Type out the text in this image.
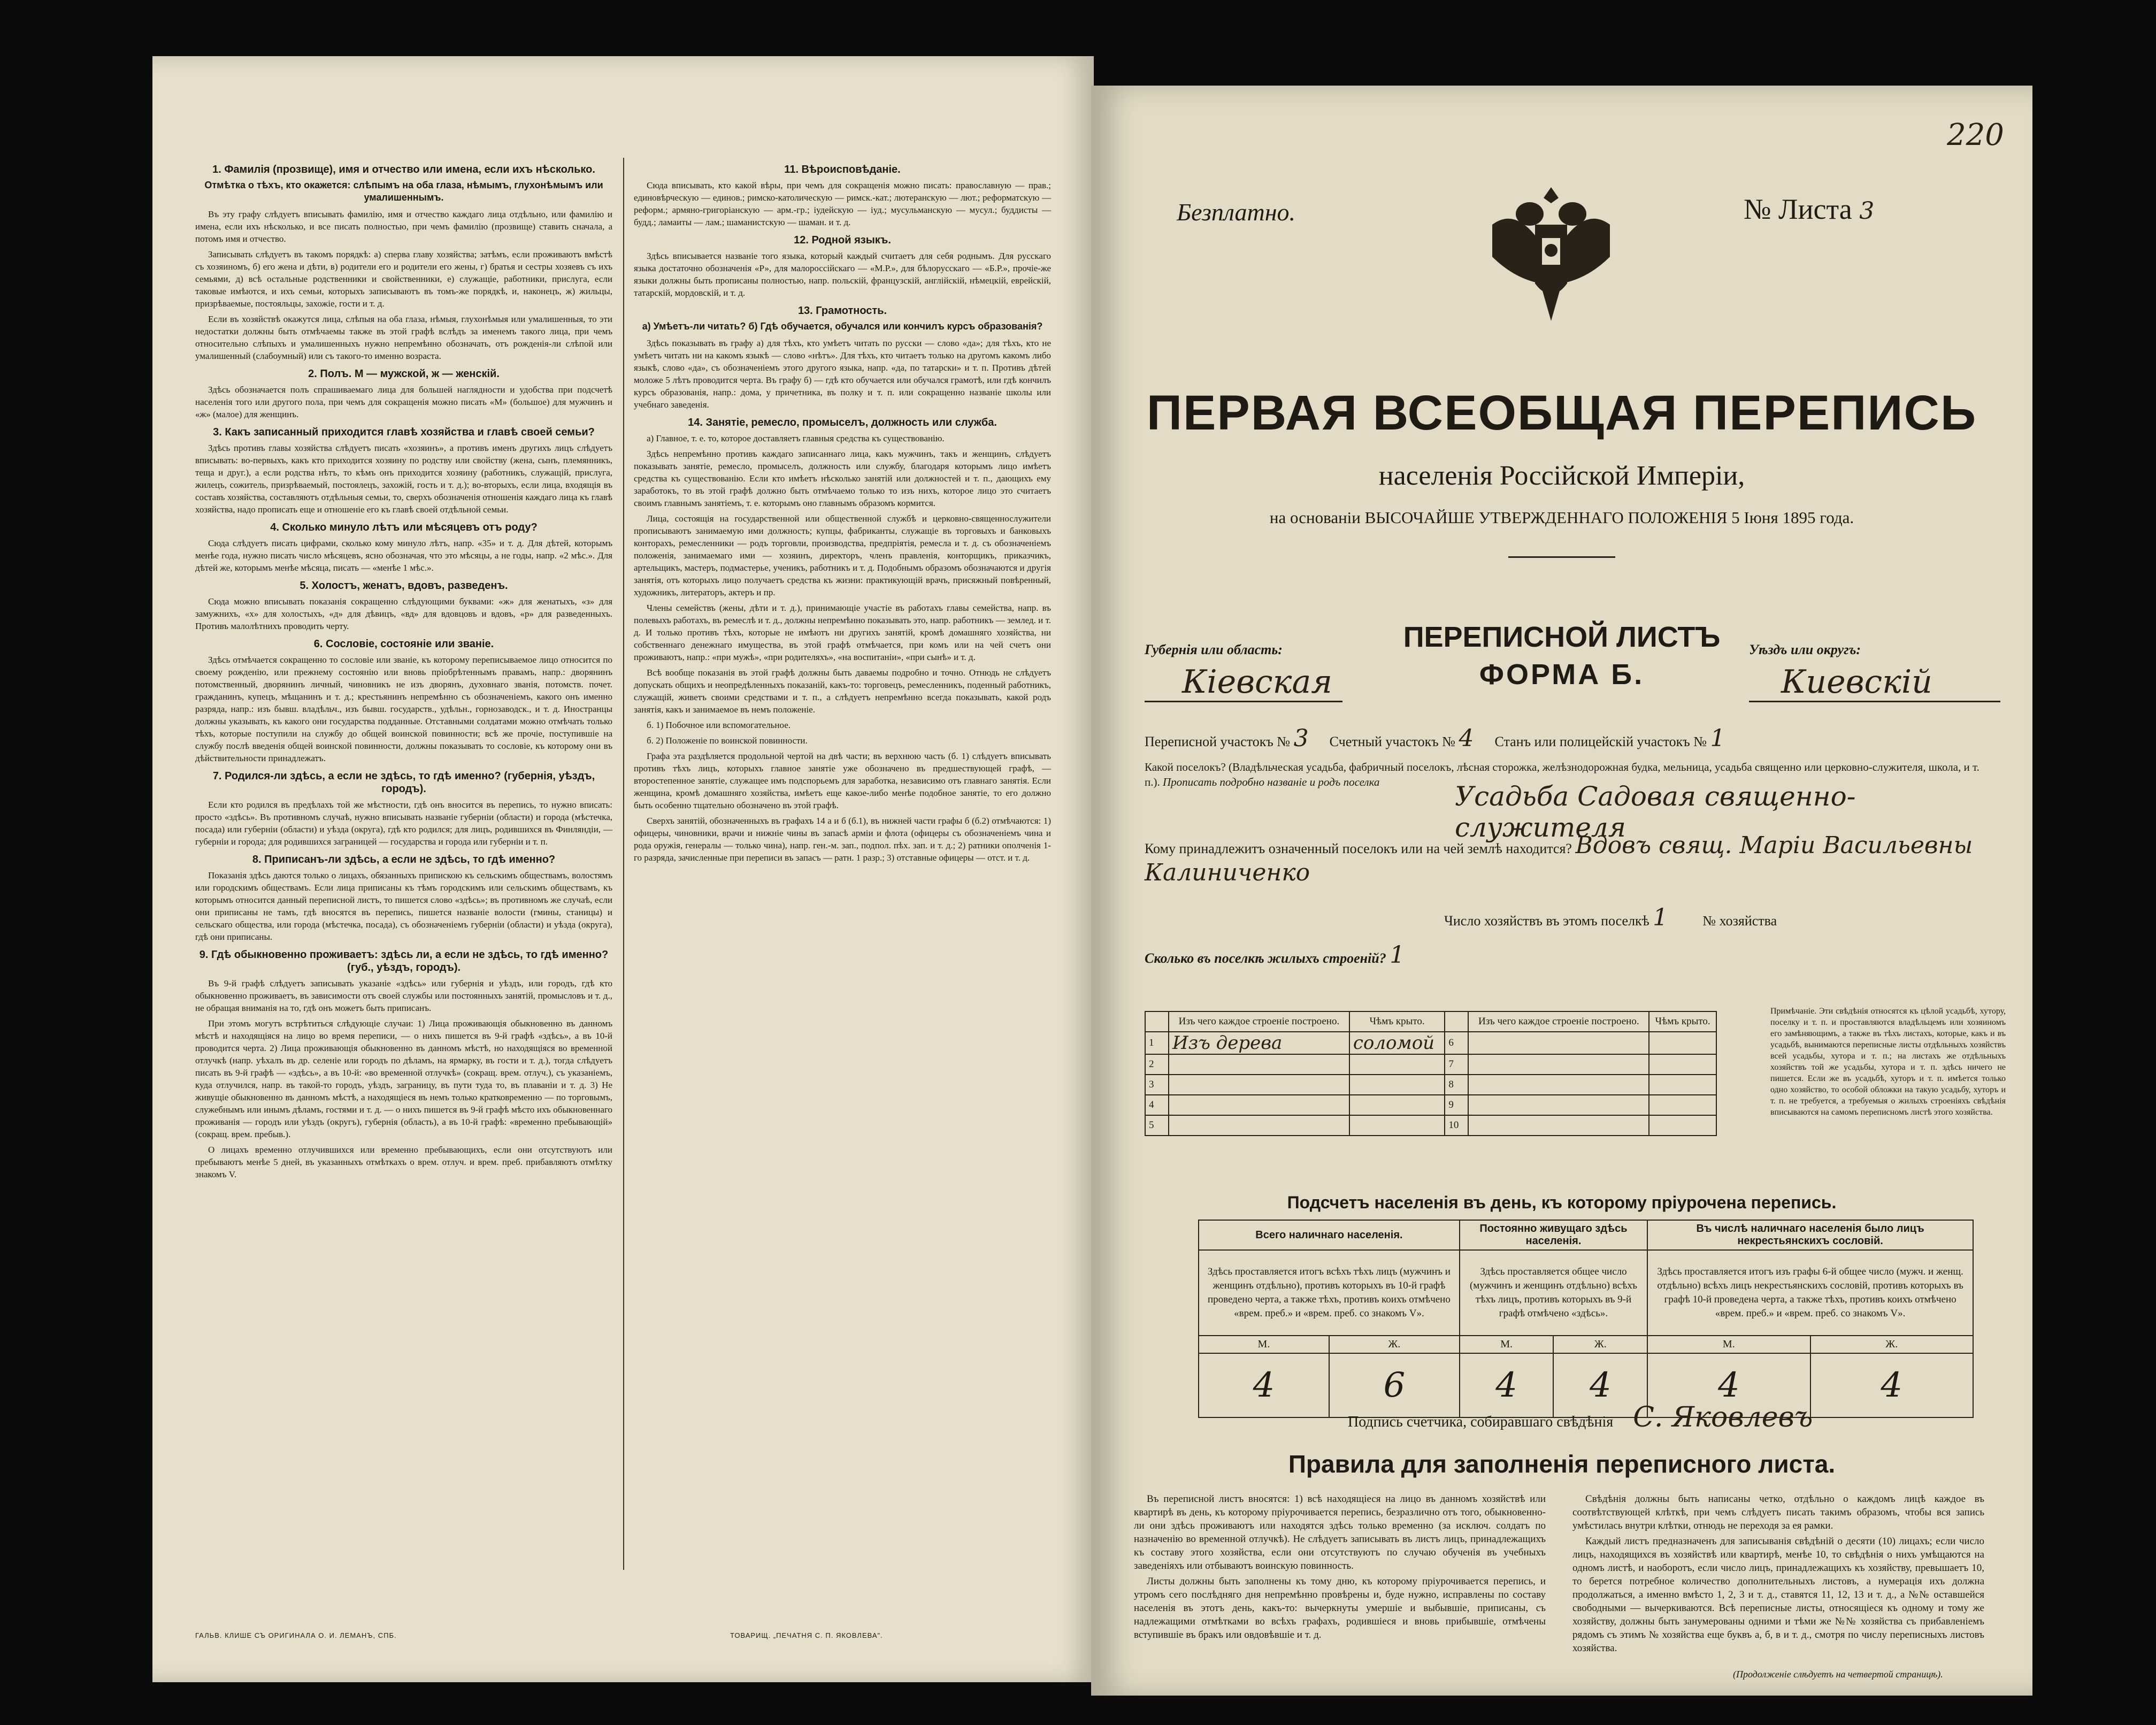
1. Фамилія (прозвище), имя и отчество или имена, если ихъ нѣсколько.
Отмѣтка о тѣхъ, кто окажется: слѣпымъ на оба глаза, нѣмымъ, глухонѣмымъ или умалишеннымъ.

Въ эту графу слѣдуетъ вписывать фамилію, имя и отчество каждаго лица отдѣльно, или фамилію и имена, если ихъ нѣсколько, и все писать полностью, при чемъ фамилію (прозвище) ставить сначала, а потомъ имя и отчество.

Записывать слѣдуетъ въ такомъ порядкѣ: а) сперва главу хозяйства; затѣмъ, если проживаютъ вмѣстѣ съ хозяиномъ, б) его жена и дѣти, в) родители его и родители его жены, г) братья и сестры хозяевъ съ ихъ семьями, д) всѣ остальные родственники и свойственники, е) служащіе, работники, прислуга, если таковые имѣются, и ихъ семьи, которыхъ записываютъ въ томъ-же порядкѣ, и, наконецъ, ж) жильцы, призрѣваемые, постояльцы, захожіе, гости и т. д.

Если въ хозяйствѣ окажутся лица, слѣпыя на оба глаза, нѣмыя, глухонѣмыя или умалишенныя, то эти недостатки должны быть отмѣчаемы также въ этой графѣ вслѣдъ за именемъ такого лица, при чемъ относительно слѣпыхъ и умалишенныхъ нужно непремѣнно обозначать, отъ рожденія-ли слѣпой или умалишенный (слабоумный) или съ такого-то именно возраста.

2. Полъ. М — мужской, ж — женскій.

Здѣсь обозначается полъ спрашиваемаго лица для большей наглядности и удобства при подсчетѣ населенія того или другого пола, при чемъ для сокращенія можно писать «М» (большое) для мужчинъ и «ж» (малое) для женщинъ.

3. Какъ записанный приходится главѣ хозяйства и главѣ своей семьи?

Здѣсь противъ главы хозяйства слѣдуетъ писать «хозяинъ», а противъ именъ другихъ лицъ слѣдуетъ вписывать: во-первыхъ, какъ кто приходится хозяину по родству или свойству (жена, сынъ, племянникъ, теща и друг.), а если родства нѣтъ, то кѣмъ онъ приходится хозяину (работникъ, служащій, прислуга, жилецъ, сожитель, призрѣваемый, постоялецъ, захожій, гость и т. д.); во-вторыхъ, если лица, входящія въ составъ хозяйства, составляютъ отдѣльныя семьи, то, сверхъ обозначенія отношенія каждаго лица къ главѣ хозяйства, надо прописать еще и отношеніе его къ главѣ своей отдѣльной семьи.

4. Сколько минуло лѣтъ или мѣсяцевъ отъ роду?

Сюда слѣдуетъ писать цифрами, сколько кому минуло лѣтъ, напр. «35» и т. д. Для дѣтей, которымъ менѣе года, нужно писать число мѣсяцевъ, ясно обозначая, что это мѣсяцы, а не годы, напр. «2 мѣс.». Для дѣтей же, которымъ менѣе мѣсяца, писать — «менѣе 1 мѣс.».

5. Холостъ, женатъ, вдовъ, разведенъ.

Сюда можно вписывать показанія сокращенно слѣдующими буквами: «ж» для женатыхъ, «з» для замужнихъ, «х» для холостыхъ, «д» для дѣвицъ, «вд» для вдовцовъ и вдовъ, «р» для разведенныхъ. Противъ малолѣтнихъ проводить черту.

6. Сословіе, состояніе или званіе.

Здѣсь отмѣчается сокращенно то сословіе или званіе, къ которому переписываемое лицо относится по своему рожденію, или прежнему состоянію или вновь пріобрѣтеннымъ правамъ, напр.: дворянинъ потомственный, дворянинъ личный, чиновникъ не изъ дворянъ, духовнаго званія, потомств. почет. гражданинъ, купецъ, мѣщанинъ и т. д.; крестьянинъ непремѣнно съ обозначеніемъ, какого онъ именно разряда, напр.: изъ бывш. владѣльч., изъ бывш. государств., удѣльн., горнозаводск., и т. д. Иностранцы должны указывать, къ какого они государства подданные. Отставными солдатами можно отмѣчать только тѣхъ, которые поступили на службу до общей воинской повинности; всѣ же прочіе, поступившіе на службу послѣ введенія общей воинской повинности, должны показывать то сословіе, къ которому они въ дѣйствительности принадлежатъ.

7. Родился-ли здѣсь, а если не здѣсь, то гдѣ именно? (губернія, уѣздъ, городъ).

Если кто родился въ предѣлахъ той же мѣстности, гдѣ онъ вносится въ перепись, то нужно вписать: просто «здѣсь». Въ противномъ случаѣ, нужно вписывать названіе губерніи (области) и города (мѣстечка, посада) или губерніи (области) и уѣзда (округа), гдѣ кто родился; для лицъ, родившихся въ Финляндіи, — губерніи и города; для родившихся заграницей — государства и города или губерніи и т. п.

8. Приписанъ-ли здѣсь, а если не здѣсь, то гдѣ именно?

Показанія здѣсь даются только о лицахъ, обязанныхъ припискою къ сельскимъ обществамъ, волостямъ или городскимъ обществамъ. Если лица приписаны къ тѣмъ городскимъ или сельскимъ обществамъ, къ которымъ относится данный переписной листъ, то пишется слово «здѣсь»; въ противномъ же случаѣ, если они приписаны не тамъ, гдѣ вносятся въ перепись, пишется названіе волости (гмины, станицы) и сельскаго общества, или города (мѣстечка, посада), съ обозначеніемъ губерніи (области) и уѣзда (округа), гдѣ они приписаны.

9. Гдѣ обыкновенно проживаетъ: здѣсь ли, а если не здѣсь, то гдѣ именно? (губ., уѣздъ, городъ).

Въ 9-й графѣ слѣдуетъ записывать указаніе «здѣсь» или губернія и уѣздъ, или городъ, гдѣ кто обыкновенно проживаетъ, въ зависимости отъ своей службы или постоянныхъ занятій, промысловъ и т. д., не обращая вниманія на то, гдѣ онъ можетъ быть приписанъ.

При этомъ могутъ встрѣтиться слѣдующіе случаи: 1) Лица проживающія обыкновенно въ данномъ мѣстѣ и находящіяся на лицо во время переписи, — о нихъ пишется въ 9-й графѣ «здѣсь», а въ 10-й проводится черта. 2) Лица проживающія обыкновенно въ данномъ мѣстѣ, но находящіяся во временной отлучкѣ (напр. уѣхалъ въ др. селеніе или городъ по дѣламъ, на ярмарку, въ гости и т. д.), тогда слѣдуетъ писать въ 9-й графѣ — «здѣсь», а въ 10-й: «во временной отлучкѣ» (сокращ. врем. отлуч.), съ указаніемъ, куда отлучился, напр. въ такой-то городъ, уѣздъ, заграницу, въ пути туда то, въ плаваніи и т. д. 3) Не живущіе обыкновенно въ данномъ мѣстѣ, а находящіеся въ немъ только кратковременно — по торговымъ, служебнымъ или инымъ дѣламъ, гостями и т. д. — о нихъ пишется въ 9-й графѣ мѣсто ихъ обыкновеннаго проживанія — городъ или уѣздъ (округъ), губернія (область), а въ 10-й графѣ: «временно пребывающій» (сокращ. врем. пребыв.).

О лицахъ временно отлучившихся или временно пребывающихъ, если они отсутствуютъ или пребываютъ менѣе 5 дней, въ указанныхъ отмѣткахъ о врем. отлуч. и врем. преб. прибавляютъ отмѣтку знакомъ V.

11. Вѣроисповѣданіе.

Сюда вписывать, кто какой вѣры, при чемъ для сокращенія можно писать: православную — прав.; единовѣрческую — единов.; римско-католическую — римск.-кат.; лютеранскую — лют.; реформатскую — реформ.; армяно-григоріанскую — арм.-гр.; іудейскую — іуд.; мусульманскую — мусул.; буддисты — будд.; ламаиты — лам.; шаманистскую — шаман. и т. д.

12. Родной языкъ.

Здѣсь вписывается названіе того языка, который каждый считаетъ для себя роднымъ. Для русскаго языка достаточно обозначенія «Р», для малороссійскаго — «М.Р.», для бѣлорусскаго — «Б.Р.», прочіе-же языки должны быть прописаны полностью, напр. польскій, французскій, англійскій, нѣмецкій, еврейскій, татарскій, мордовскій, и т. д.

13. Грамотность.
а) Умѣетъ-ли читать? б) Гдѣ обучается, обучался или кончилъ курсъ образованія?

Здѣсь показывать въ графу а) для тѣхъ, кто умѣетъ читать по русски — слово «да»; для тѣхъ, кто не умѣетъ читать ни на какомъ языкѣ — слово «нѣтъ». Для тѣхъ, кто читаетъ только на другомъ какомъ либо языкѣ, слово «да», съ обозначеніемъ этого другого языка, напр. «да, по татарски» и т. п. Противъ дѣтей моложе 5 лѣтъ проводится черта. Въ графу б) — гдѣ кто обучается или обучался грамотѣ, или гдѣ кончилъ курсъ образованія, напр.: дома, у причетника, въ полку и т. п. или сокращенно названіе школы или учебнаго заведенія.

14. Занятіе, ремесло, промыселъ, должность или служба.

а) Главное, т. е. то, которое доставляетъ главныя средства къ существованію.

Здѣсь непремѣнно противъ каждаго записаннаго лица, какъ мужчинъ, такъ и женщинъ, слѣдуетъ показывать занятіе, ремесло, промыселъ, должность или службу, благодаря которымъ лицо имѣетъ средства къ существованію. Если кто имѣетъ нѣсколько занятій или должностей и т. п., дающихъ ему заработокъ, то въ этой графѣ должно быть отмѣчаемо только то изъ нихъ, которое лицо это считаетъ своимъ главнымъ занятіемъ, т. е. которымъ оно главнымъ образомъ кормится.

Лица, состоящія на государственной или общественной службѣ и церковно-священнослужители прописываютъ занимаемую ими должность; купцы, фабриканты, служащіе въ торговыхъ и банковыхъ конторахъ, ремесленники — родъ торговли, производства, предпріятія, ремесла и т. д. съ обозначеніемъ положенія, занимаемаго ими — хозяинъ, директоръ, членъ правленія, конторщикъ, приказчикъ, артельщикъ, мастеръ, подмастерье, ученикъ, работникъ и т. д. Подобнымъ образомъ обозначаются и другія занятія, отъ которыхъ лицо получаетъ средства къ жизни: практикующій врачъ, присяжный повѣренный, художникъ, литераторъ, актеръ и пр.

Члены семействъ (жены, дѣти и т. д.), принимающіе участіе въ работахъ главы семейства, напр. въ полевыхъ работахъ, въ ремеслѣ и т. д., должны непремѣнно показывать это, напр. работникъ — землед. и т. д. И только противъ тѣхъ, которые не имѣютъ ни другихъ занятій, кромѣ домашняго хозяйства, ни собственнаго денежнаго имущества, въ этой графѣ отмѣчается, при комъ или на чей счетъ они проживаютъ, напр.: «при мужѣ», «при родителяхъ», «на воспитаніи», «при сынѣ» и т. д.

Всѣ вообще показанія въ этой графѣ должны быть даваемы подробно и точно. Отнюдь не слѣдуетъ допускать общихъ и неопредѣленныхъ показаній, какъ-то: торговецъ, ремесленникъ, поденный работникъ, служащій, живетъ своими средствами и т. п., а слѣдуетъ непремѣнно всегда показывать, какой родъ занятія, какъ и занимаемое въ немъ положеніе.

б. 1) Побочное или вспомогательное.

б. 2) Положеніе по воинской повинности.

Графа эта раздѣляется продольной чертой на двѣ части; въ верхнюю часть (б. 1) слѣдуетъ вписывать противъ тѣхъ лицъ, которыхъ главное занятіе уже обозначено въ предшествующей графѣ, — второстепенное занятіе, служащее имъ подспорьемъ для заработка, независимо отъ главнаго занятія. Если женщина, кромѣ домашняго хозяйства, имѣетъ еще какое-либо менѣе подобное занятіе, то его должно быть особенно тщательно обозначено въ этой графѣ.

Сверхъ занятій, обозначенныхъ въ графахъ 14 а и б (б.1), въ нижней части графы б (б.2) отмѣчаются: 1) офицеры, чиновники, врачи и нижніе чины въ запасѣ армiи и флота (офицеры съ обозначеніемъ чина и рода оружія, генералы — только чина), напр. ген.-м. зап., подпол. пѣх. зап. и т. д.; 2) ратники ополченія 1-го разряда, зачисленные при переписи въ запасъ — ратн. 1 разр.; 3) отставные офицеры — отст. и т. д.

ГАЛЬВ. КЛИШЕ СЪ ОРИГИНАЛА О. И. ЛЕМАНЪ, СПБ.	ТОВАРИЩ. „ПЕЧАТНЯ С. П. ЯКОВЛЕВА".
220
Безплатно.	№ Листа 3
ПЕРВАЯ ВСЕОБЩАЯ ПЕРЕПИСЬ
населенія Россійской Имперіи,
на основаніи ВЫСОЧАЙШЕ УТВЕРЖДЕННАГО ПОЛОЖЕНІЯ 5 Іюня 1895 года.
Губернія или область:
Кіевская
ПЕРЕПИСНОЙ ЛИСТЪ
ФОРМА Б.
Уѣздъ или округъ:
Киевскій
Переписной участокъ № 3 Счетный участокъ № 4 Станъ или полицейскій участокъ № 1
Какой поселокъ? (Владѣльческая усадьба, фабричный поселокъ, лѣсная сторожка, желѣзнодорожная будка, мельница, усадьба священно или церковно-служителя, школа, и т. п.). Прописать подробно названіе и родъ поселка	Усадьба Садовая священно-служителя
Кому принадлежитъ означенный поселокъ или на чей землѣ находится? Вдовъ свящ. Маріи Васильевны Калиниченко
Число хозяйствъ въ этомъ поселкѣ 1	№ хозяйства
Сколько въ поселкѣ жилыхъ строеній? 1
	Изъ чего каждое строеніе построено.	Чѣмъ крыто.		Изъ чего каждое строеніе построено.	Чѣмъ крыто.
1	Изъ дерева	соломой	6		
2			7		
3			8		
4			9		
5			10		
Примѣчаніе. Эти свѣдѣнія относятся къ цѣлой усадьбѣ, хутору, поселку и т. п. и проставляются владѣльцемъ или хозяиномъ его замѣняющимъ, а также въ тѣхъ листахъ, которые, какъ и въ усадьбѣ, вынимаются переписные листы отдѣльныхъ хозяйствъ всей усадьбы, хутора и т. п.; на листахъ же отдѣльныхъ хозяйствъ той же усадьбы, хутора и т. п. здѣсь ничего не пишется. Если же въ усадьбѣ, хуторъ и т. п. имѣется только одно хозяйство, то особой обложки на такую усадьбу, хуторъ и т. п. не требуется, а требуемыя о жилыхъ строеніяхъ свѣдѣнія вписываются на самомъ переписномъ листѣ этого хозяйства.
Подсчетъ населенія въ день, къ которому пріурочена перепись.
Всего наличнаго населенія.		Постоянно живущаго здѣсь населенія.		Въ числѣ наличнаго населенія было лицъ некрестьянскихъ сословій.	
Здѣсь проставляется итогъ всѣхъ тѣхъ лицъ (мужчинъ и женщинъ отдѣльно), противъ которыхъ въ 10-й графѣ проведено черта, а также тѣхъ, противъ коихъ отмѣчено «врем. преб.» и «врем. преб. со знакомъ V».		Здѣсь проставляется общее число (мужчинъ и женщинъ отдѣльно) всѣхъ тѣхъ лицъ, противъ которыхъ въ 9-й графѣ отмѣчено «здѣсь».		Здѣсь проставляется итогъ изъ графы 6-й общее число (мужч. и женщ. отдѣльно) всѣхъ лицъ некрестьянскихъ сословій, противъ которыхъ въ графѣ 10-й проведена черта, а также тѣхъ, противъ коихъ отмѣчено «врем. преб.» и «врем. преб. со знакомъ V».	
М.	Ж.	М.	Ж.	М.	Ж.
4	6	4	4	4	4
Подпись счетчика, собиравшаго свѣдѣнія С. Яковлевъ
Правила для заполненія переписного листа.

Въ переписной листъ вносятся: 1) всѣ находящіеся на лицо въ данномъ хозяйствѣ или квартирѣ въ день, къ которому пріурочивается перепись, безразлично отъ того, обыкновенно-ли они здѣсь проживаютъ или находятся здѣсь только временно (за исключ. солдатъ по назначенію во временной отлучкѣ). Не слѣдуетъ записывать въ листъ лицъ, принадлежащихъ къ составу этого хозяйства, если они отсутствуютъ по случаю обученія въ учебныхъ заведеніяхъ или отбываютъ воинскую повинность.

Листы должны быть заполнены къ тому дню, къ которому пріурочивается перепись, и утромъ сего послѣдняго дня непремѣнно провѣрены и, буде нужно, исправлены по составу населенія въ этотъ день, какъ-то: вычеркнуты умершіе и выбывшіе, приписаны, съ надлежащими отмѣтками во всѣхъ графахъ, родившіеся и вновь прибывшіе, отмѣчены вступившіе въ бракъ или овдовѣвшіе и т. д.

Свѣдѣнія должны быть написаны четко, отдѣльно о каждомъ лицѣ каждое въ соотвѣтствующей клѣткѣ, при чемъ слѣдуетъ писать такимъ образомъ, чтобы вся запись умѣстилась внутри клѣтки, отнюдь не переходя за ея рамки.

Каждый листъ предназначенъ для записыванія свѣдѣній о десяти (10) лицахъ; если число лицъ, находящихся въ хозяйствѣ или квартирѣ, менѣе 10, то свѣдѣнія о нихъ умѣщаются на одномъ листѣ, и наоборотъ, если число лицъ, принадлежащихъ къ хозяйству, превышаетъ 10, то берется потребное количество дополнительныхъ листовъ, а нумерація ихъ должна продолжаться, а именно вмѣсто 1, 2, 3 и т. д., ставятся 11, 12, 13 и т. д., а №№ оставшейся свободными — вычеркиваются. Всѣ переписные листы, относящіеся къ одному и тому же хозяйству, должны быть занумерованы одними и тѣми же №№ хозяйства съ прибавленіемъ рядомъ съ этимъ № хозяйства еще буквъ а, б, в и т. д., смотря по числу переписныхъ листовъ хозяйства.

(Продолженіе слѣдуетъ на четвертой страницѣ).
